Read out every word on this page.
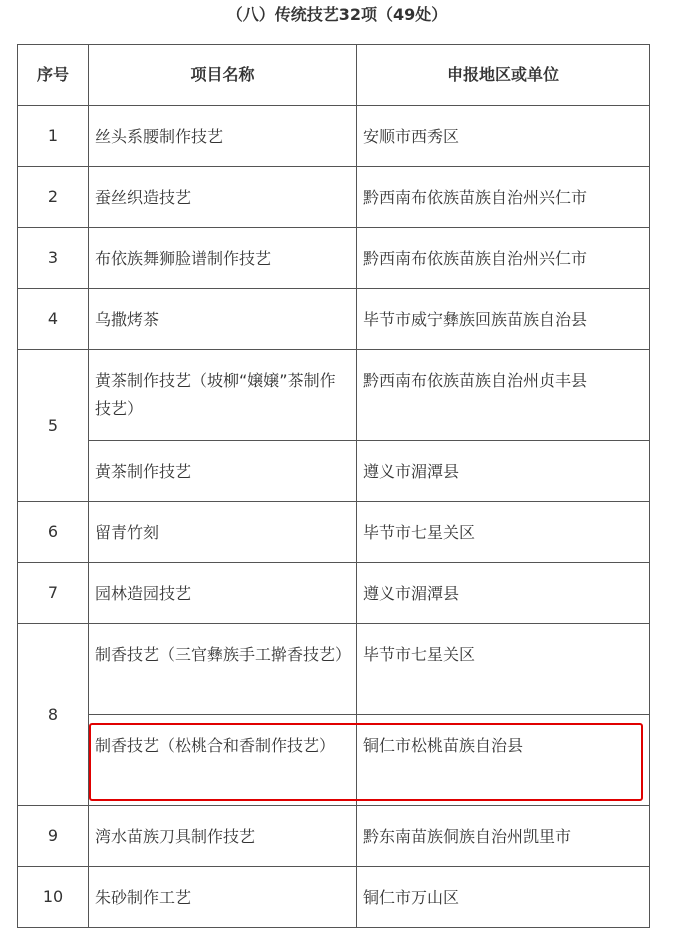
（八）传统技艺32项（49处）
序号	项目名称	申报地区或单位
1	丝头系腰制作技艺	安顺市西秀区
2	蚕丝织造技艺	黔西南布依族苗族自治州兴仁市
3	布依族舞狮脸谱制作技艺	黔西南布依族苗族自治州兴仁市
4	乌撒烤茶	毕节市威宁彝族回族苗族自治县
5	黄茶制作技艺（坡柳“嬢嬢”茶制作技艺）	黔西南布依族苗族自治州贞丰县
	黄茶制作技艺	遵义市湄潭县
6	留青竹刻	毕节市七星关区
7	园林造园技艺	遵义市湄潭县
8	制香技艺（三官彝族手工擀香技艺）	毕节市七星关区
	制香技艺（松桃合和香制作技艺）	铜仁市松桃苗族自治县
9	湾水苗族刀具制作技艺	黔东南苗族侗族自治州凯里市
10	朱砂制作工艺	铜仁市万山区
